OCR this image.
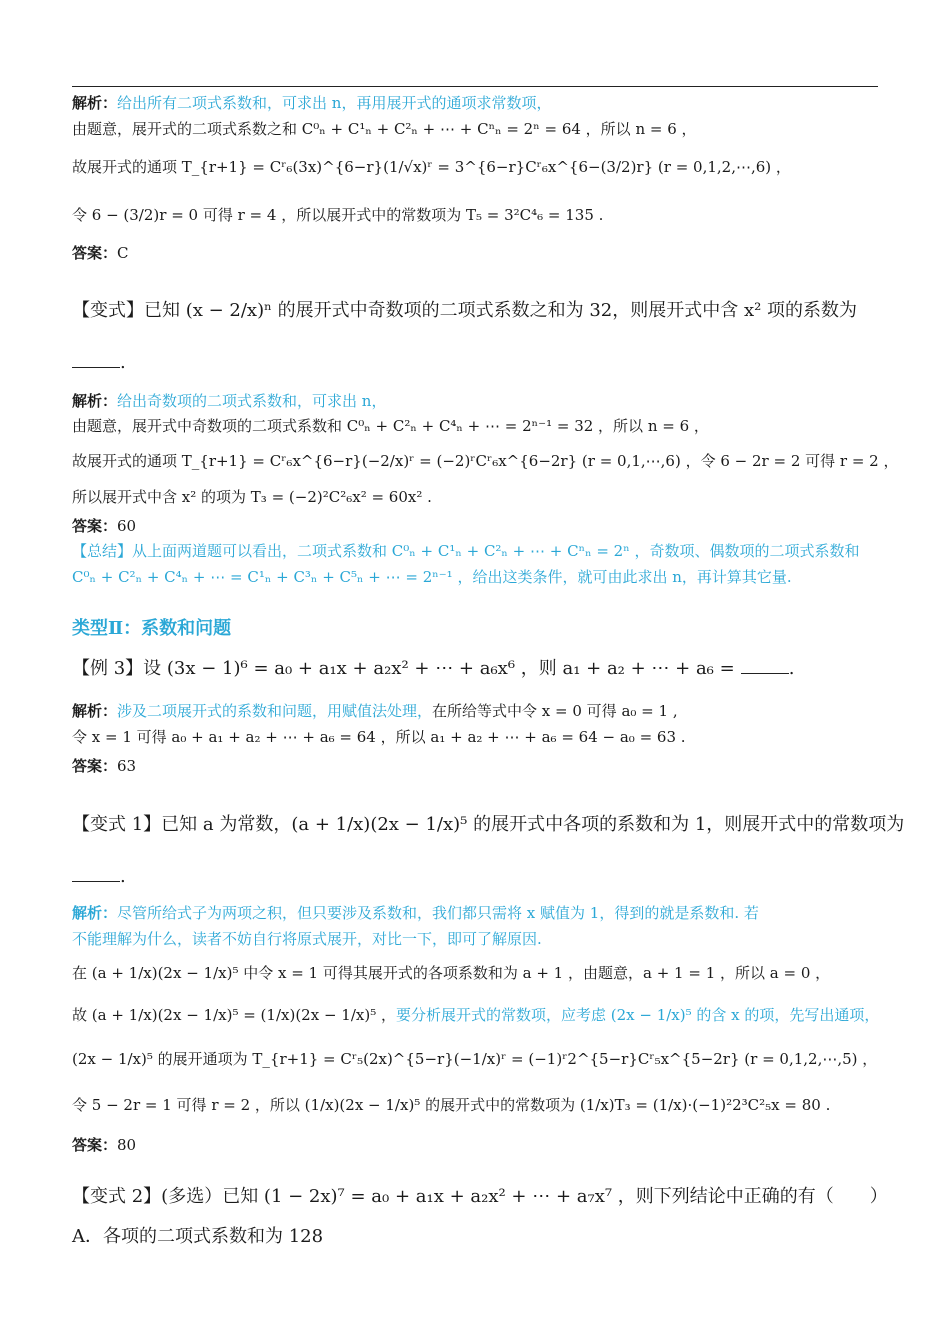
解析：给出所有二项式系数和，可求出 n，再用展开式的通项求常数项，
由题意，展开式的二项式系数之和 C⁰ₙ + C¹ₙ + C²ₙ + ⋯ + Cⁿₙ = 2ⁿ = 64 ，所以 n = 6 ，
故展开式的通项 T_{r+1} = Cʳ₆(3x)^{6−r}(1/√x)ʳ = 3^{6−r}Cʳ₆x^{6−(3/2)r} (r = 0,1,2,⋯,6) ，
令 6 − (3/2)r = 0 可得 r = 4 ，所以展开式中的常数项为 T₅ = 3²C⁴₆ = 135 .
答案：C
【变式】已知 (x − 2/x)ⁿ 的展开式中奇数项的二项式系数之和为 32，则展开式中含 x² 项的系数为
.
解析：给出奇数项的二项式系数和，可求出 n，
由题意，展开式中奇数项的二项式系数和 C⁰ₙ + C²ₙ + C⁴ₙ + ⋯ = 2ⁿ⁻¹ = 32 ，所以 n = 6 ，
故展开式的通项 T_{r+1} = Cʳ₆x^{6−r}(−2/x)ʳ = (−2)ʳCʳ₆x^{6−2r} (r = 0,1,⋯,6) ，令 6 − 2r = 2 可得 r = 2 ，
所以展开式中含 x² 的项为 T₃ = (−2)²C²₆x² = 60x² .
答案：60
【总结】从上面两道题可以看出，二项式系数和 C⁰ₙ + C¹ₙ + C²ₙ + ⋯ + Cⁿₙ = 2ⁿ ，奇数项、偶数项的二项式系数和
C⁰ₙ + C²ₙ + C⁴ₙ + ⋯ = C¹ₙ + C³ₙ + C⁵ₙ + ⋯ = 2ⁿ⁻¹ ，给出这类条件，就可由此求出 n，再计算其它量.
类型Ⅱ：系数和问题
【例 3】设 (3x − 1)⁶ = a₀ + a₁x + a₂x² + ⋯ + a₆x⁶ ，则 a₁ + a₂ + ⋯ + a₆ =	.
解析：涉及二项展开式的系数和问题，用赋值法处理，在所给等式中令 x = 0 可得 a₀ = 1 ,
令 x = 1 可得 a₀ + a₁ + a₂ + ⋯ + a₆ = 64 ，所以 a₁ + a₂ + ⋯ + a₆ = 64 − a₀ = 63 .
答案：63
【变式 1】已知 a 为常数，(a + 1/x)(2x − 1/x)⁵ 的展开式中各项的系数和为 1，则展开式中的常数项为
.
解析：尽管所给式子为两项之积，但只要涉及系数和，我们都只需将 x 赋值为 1，得到的就是系数和. 若
不能理解为什么，读者不妨自行将原式展开，对比一下，即可了解原因.
在 (a + 1/x)(2x − 1/x)⁵ 中令 x = 1 可得其展开式的各项系数和为 a + 1 ，由题意，a + 1 = 1 ，所以 a = 0 ，
故 (a + 1/x)(2x − 1/x)⁵ = (1/x)(2x − 1/x)⁵ ，要分析展开式的常数项，应考虑 (2x − 1/x)⁵ 的含 x 的项，先写出通项，
(2x − 1/x)⁵ 的展开通项为 T_{r+1} = Cʳ₅(2x)^{5−r}(−1/x)ʳ = (−1)ʳ2^{5−r}Cʳ₅x^{5−2r} (r = 0,1,2,⋯,5) ，
令 5 − 2r = 1 可得 r = 2 ，所以 (1/x)(2x − 1/x)⁵ 的展开式中的常数项为 (1/x)T₃ = (1/x)·(−1)²2³C²₅x = 80 .
答案：80
【变式 2】(多选）已知 (1 − 2x)⁷ = a₀ + a₁x + a₂x² + ⋯ + a₇x⁷ ，则下列结论中正确的有（　　）
A．各项的二项式系数和为 128
